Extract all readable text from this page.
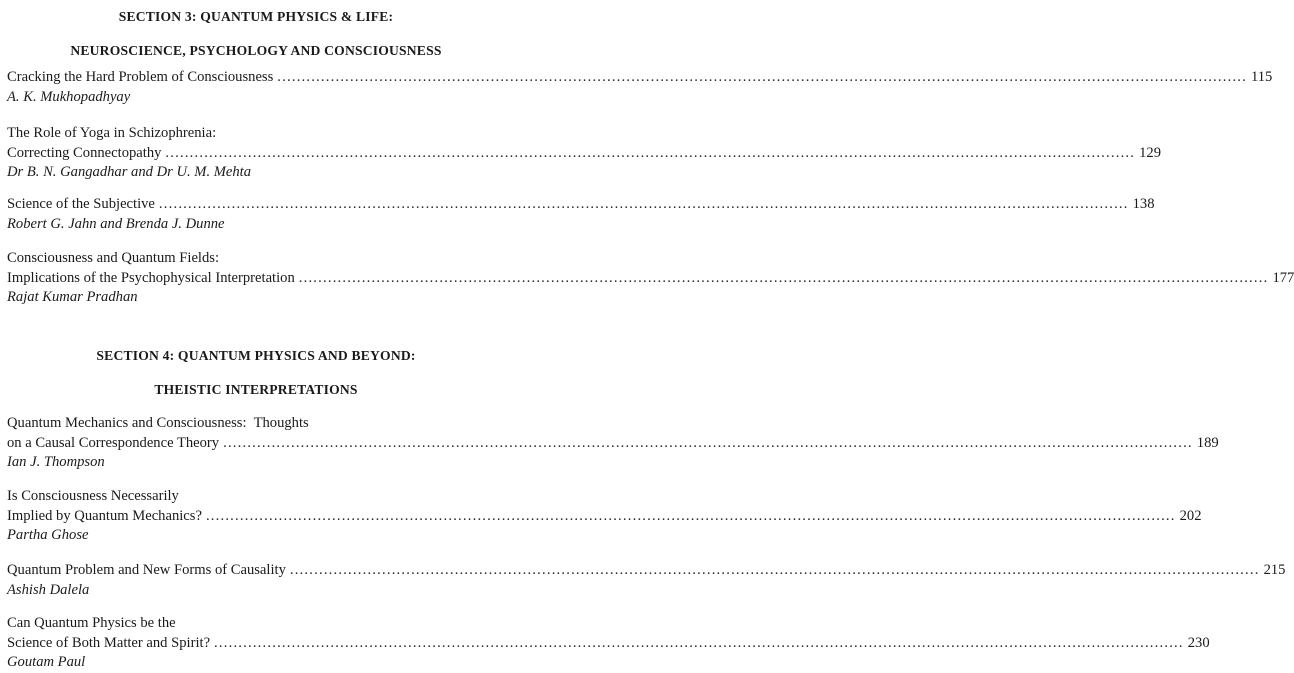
SECTION 3: QUANTUM PHYSICS & LIFE:
NEUROSCIENCE, PSYCHOLOGY AND CONSCIOUSNESS
Cracking the Hard Problem of Consciousness ........................................................................................................................................................................................................ 115
A. K. Mukhopadhyay
The Role of Yoga in Schizophrenia:
Correcting Connectopathy ........................................................................................................................................................................................................ 129
Dr B. N. Gangadhar and Dr U. M. Mehta
Science of the Subjective ........................................................................................................................................................................................................ 138
Robert G. Jahn and Brenda J. Dunne
Consciousness and Quantum Fields:
Implications of the Psychophysical Interpretation ........................................................................................................................................................................................................ 177
Rajat Kumar Pradhan
SECTION 4: QUANTUM PHYSICS AND BEYOND:
THEISTIC INTERPRETATIONS
Quantum Mechanics and Consciousness:  Thoughts
on a Causal Correspondence Theory ........................................................................................................................................................................................................ 189
Ian J. Thompson
Is Consciousness Necessarily
Implied by Quantum Mechanics? ........................................................................................................................................................................................................ 202
Partha Ghose
Quantum Problem and New Forms of Causality ........................................................................................................................................................................................................ 215
Ashish Dalela
Can Quantum Physics be the
Science of Both Matter and Spirit? ........................................................................................................................................................................................................ 230
Goutam Paul
